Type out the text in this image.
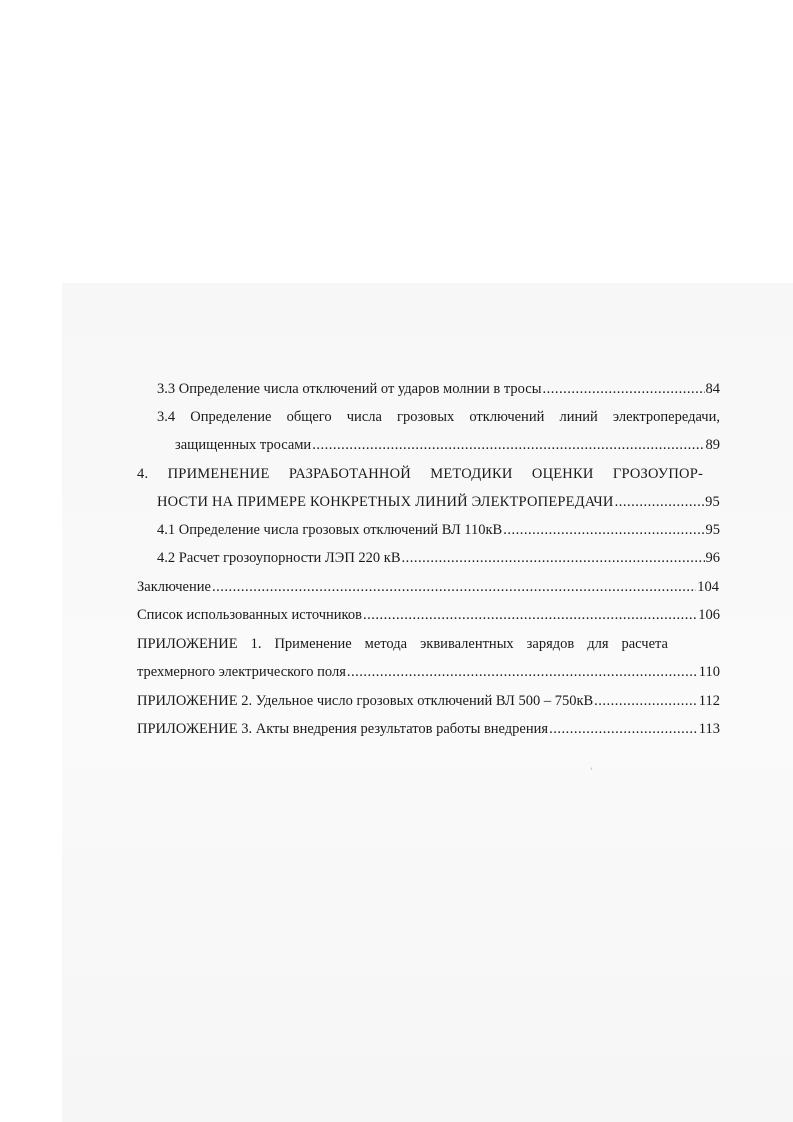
3.3 Определение числа отключений от ударов молнии в тросы .....	84
3.4 Определение общего числа грозовых отключений линий электропередачи,
защищенных тросами .....	89
4. ПРИМЕНЕНИЕ РАЗРАБОТАННОЙ МЕТОДИКИ ОЦЕНКИ ГРОЗОУПОР-
НОСТИ НА ПРИМЕРЕ КОНКРЕТНЫХ ЛИНИЙ ЭЛЕКТРОПЕРЕДАЧИ .....	95
4.1 Определение числа грозовых отключений ВЛ 110кВ .....	95
4.2 Расчет грозоупорности ЛЭП 220 кВ .....	96
Заключение .....	104
Список использованных источников .....	106
ПРИЛОЖЕНИЕ 1. Применение метода эквивалентных зарядов для расчета
трехмерного электрического поля .....	110
ПРИЛОЖЕНИЕ 2. Удельное число грозовых отключений ВЛ 500 – 750кВ .....	112
ПРИЛОЖЕНИЕ 3. Акты внедрения результатов работы внедрения .....	113
‘
